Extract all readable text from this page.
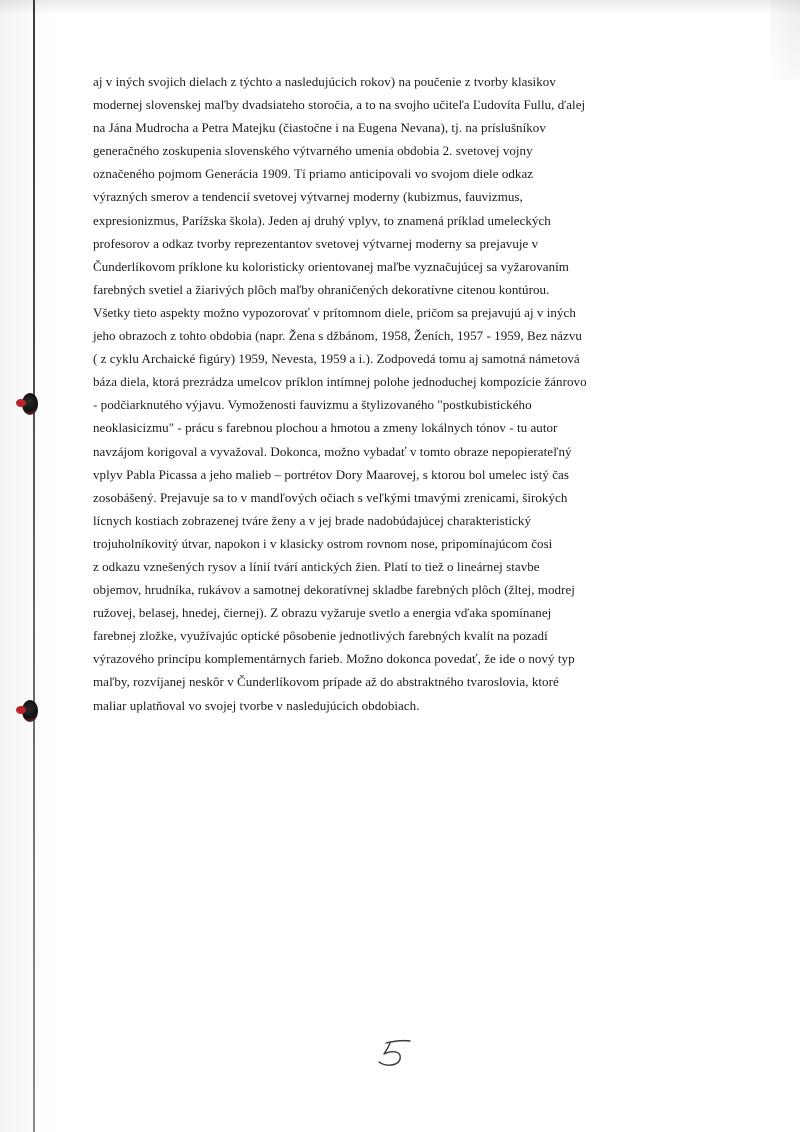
aj v iných svojich dielach z týchto a nasledujúcich rokov) na poučenie z tvorby klasikov
modernej slovenskej maľby dvadsiateho storočia, a to na svojho učiteľa Ľudovíta Fullu, ďalej
na Jána Mudrocha a Petra Matejku (čiastočne i na Eugena Nevana), tj. na príslušníkov
generačného zoskupenia slovenského výtvarného umenia obdobia 2. svetovej vojny
označeného pojmom Generácia 1909. Tí priamo anticipovali vo svojom diele odkaz
výrazných smerov a tendencií svetovej výtvarnej moderny (kubizmus, fauvizmus,
expresionizmus, Parížska škola). Jeden aj druhý vplyv, to znamená príklad umeleckých
profesorov a odkaz tvorby reprezentantov svetovej výtvarnej moderny sa prejavuje v
Čunderlíkovom príklone ku koloristicky orientovanej maľbe vyznačujúcej sa vyžarovaním
farebných svetiel a žiarivých plôch maľby ohraničených dekoratívne citenou kontúrou.
Všetky tieto aspekty možno vypozorovať v prítomnom diele, pričom sa prejavujú aj v iných
jeho obrazoch z tohto obdobia (napr. Žena s džbánom, 1958, Ženích, 1957 - 1959, Bez názvu
( z cyklu Archaické figúry) 1959, Nevesta, 1959 a i.). Zodpovedá tomu aj samotná námetová
báza diela, ktorá prezrádza umelcov príklon intímnej polohe jednoduchej kompozície žánrovo
- podčiarknutého výjavu. Vymoženosti fauvizmu a štylizovaného "postkubistického
neoklasicizmu" - prácu s farebnou plochou a hmotou a zmeny lokálnych tónov - tu autor
navzájom korigoval a vyvažoval. Dokonca, možno vybadať v tomto obraze nepopierateľný
vplyv Pabla Picassa a jeho malieb – portrétov Dory Maarovej, s ktorou bol umelec istý čas
zosobášený. Prejavuje sa to v mandľových očiach s veľkými tmavými zrenicami, širokých
lícnych kostiach zobrazenej tváre ženy a v jej brade nadobúdajúcej charakteristický
trojuholníkovitý útvar, napokon i v klasicky ostrom rovnom nose, pripomínajúcom čosi
z odkazu vznešených rysov a línií tvárí antických žien. Platí to tiež o lineárnej stavbe
objemov, hrudníka, rukávov a samotnej dekoratívnej skladbe farebných plôch (žltej, modrej
ružovej, belasej, hnedej, čiernej). Z obrazu vyžaruje svetlo a energia vďaka spomínanej
farebnej zložke, využívajúc optické pôsobenie jednotlivých farebných kvalít na pozadí
výrazového princípu komplementárnych farieb. Možno dokonca povedať, že ide o nový typ
maľby, rozvíjanej neskôr v Čunderlíkovom prípade až do abstraktného tvaroslovia, ktoré
maliar uplatňoval vo svojej tvorbe v nasledujúcich obdobiach.
